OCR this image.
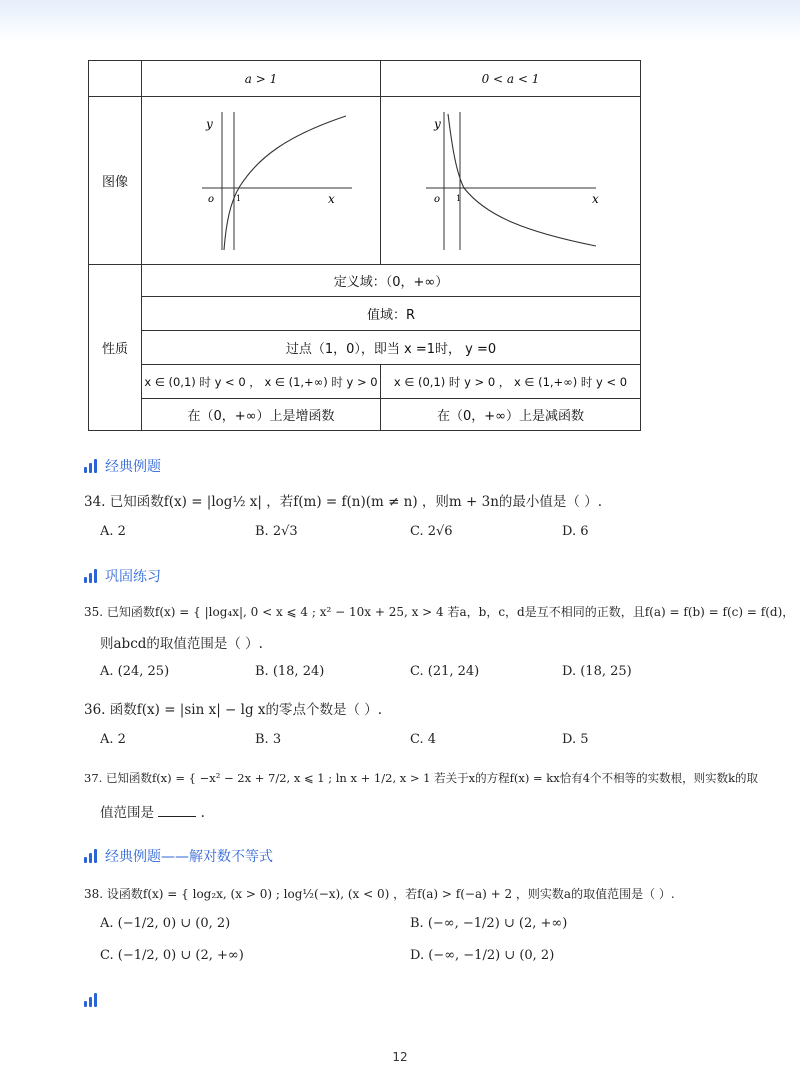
	a > 1	0 < a < 1
图像	y
x
o 1	y
x
o 1

性质	定义域：（0，+∞）	
	值域：R	
	过点（1，0），即当 x =1时， y =0	
	x ∈ (0,1) 时 y < 0 ， x ∈ (1,+∞) 时 y > 0	x ∈ (0,1) 时 y > 0 ， x ∈ (1,+∞) 时 y < 0
	在（0，+∞）上是增函数	在（0，+∞）上是减函数
经典例题
34. 已知函数f(x) = |log½ x| ，若f(m) = f(n)(m ≠ n) ，则m + 3n的最小值是（ ）.
A. 2	B. 2√3	C. 2√6	D. 6
巩固练习
35. 已知函数f(x) = { |log₄x|, 0 < x ⩽ 4 ; x² − 10x + 25, x > 4 若a，b，c，d是互不相同的正数，且f(a) = f(b) = f(c) = f(d)，
则abcd的取值范围是（ ）.
A. (24, 25)	B. (18, 24)	C. (21, 24)	D. (18, 25)
36. 函数f(x) = |sin x| − lg x的零点个数是（ ）.
A. 2	B. 3	C. 4	D. 5
37. 已知函数f(x) = { −x² − 2x + 7/2, x ⩽ 1 ; ln x + 1/2, x > 1 若关于x的方程f(x) = kx恰有4个不相等的实数根，则实数k的取
值范围是	.
经典例题——解对数不等式
38. 设函数f(x) = { log₂x, (x > 0) ; log½(−x), (x < 0) ，若f(a) > f(−a) + 2 ，则实数a的取值范围是（ ）.
A. (−1/2, 0) ∪ (0, 2)	B. (−∞, −1/2) ∪ (2, +∞)
C. (−1/2, 0) ∪ (2, +∞)	D. (−∞, −1/2) ∪ (0, 2)
12
